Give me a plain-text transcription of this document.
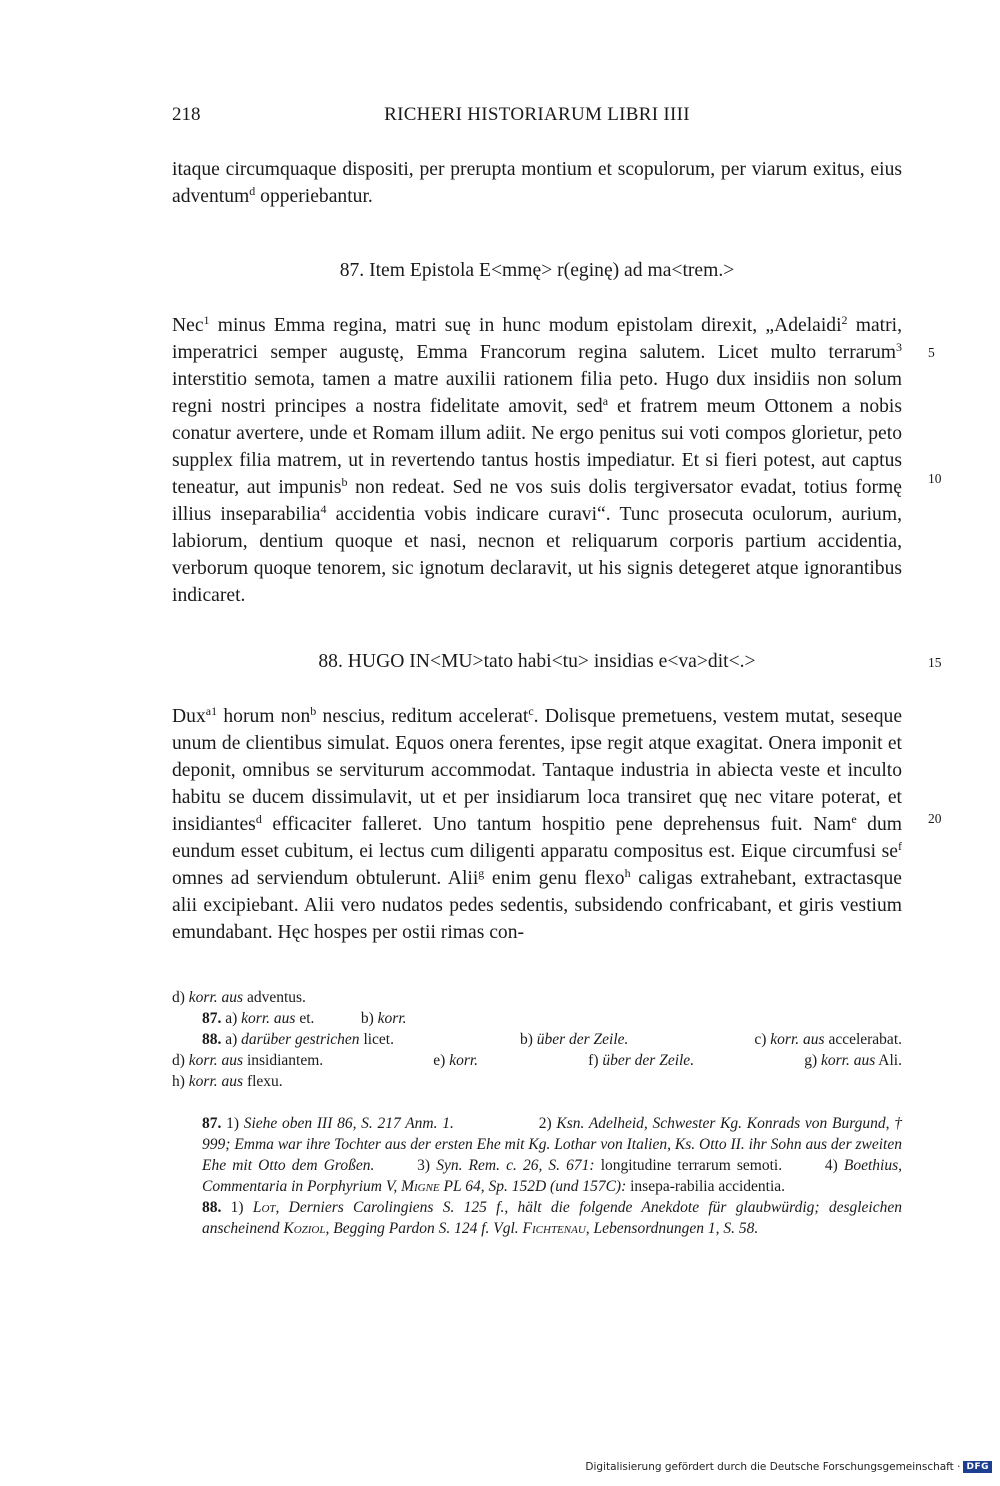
218	RICHERI HISTORIARUM LIBRI IIII

itaque circumquaque dispositi, per prerupta montium et scopulorum, per viarum exitus, eius adventum$^d$ opperiebantur.

87. Item Epistola E<mmę> r(eginę) ad ma<trem.>

Nec$^1$ minus Emma regina, matri suę in hunc modum epistolam direxit, „Adelaidi$^2$ matri, imperatrici semper augustę, Emma Francorum regina salutem. Licet multo terrarum$^3$ interstitio semota, tamen a matre auxilii rationem filia peto. Hugo dux insidiis non solum regni nostri principes a nostra fidelitate amovit, sed$^a$ et fratrem meum Ottonem a nobis conatur avertere, unde et Romam illum adiit. Ne ergo penitus sui voti compos glorietur, peto supplex filia matrem, ut in revertendo tantus hostis impediatur. Et si fieri potest, aut captus teneatur, aut impunis$^b$ non redeat. Sed ne vos suis dolis tergiversator evadat, totius formę illius inseparabilia$^4$ accidentia vobis indicare curavi“. Tunc prosecuta oculorum, aurium, labiorum, dentium quoque et nasi, necnon et reliquarum corporis partium accidentia, verborum quoque tenorem, sic ignotum declaravit, ut his signis detegeret atque ignorantibus indicaret.

88. HUGO IN<MU>tato habi<tu> insidias e<va>dit<.>

Dux$^{a1}$ horum non$^b$ nescius, reditum accelerat$^c$. Dolisque premetuens, vestem mutat, seseque unum de clientibus simulat. Equos onera ferentes, ipse regit atque exagitat. Onera imponit et deponit, omnibus se serviturum accommodat. Tantaque industria in abiecta veste et inculto habitu se ducem dissimulavit, ut et per insidiarum loca transiret quę nec vitare poterat, et insidiantes$^d$ efficaciter falleret. Uno tantum hospitio pene deprehensus fuit. Nam$^e$ dum eundum esset cubitum, ei lectus cum diligenti apparatu compositus est. Eique circumfusi $se^f$ omnes ad serviendum obtulerunt. Alii$^g$ enim genu flexo$^h$ caligas extrahebant, extractasque alii excipiebant. Alii vero nudatos pedes sedentis, subsidendo confricabant, et giris vestium emundabant. Hęc hospes per ostii rimas con-

5
10
15
20
d) korr. aus adventus.
87. a) korr. aus et.            b) korr.
88. a) darüber gestrichen licet.	b) über der Zeile.	c) korr. aus accelerabat.
d) korr. aus insidiantem.	e) korr.	f) über der Zeile.	g) korr. aus Ali.
h) korr. aus flexu.

87. 1) Siehe oben III 86, S. 217 Anm. 1.                  2) Ksn. Adelheid, Schwester Kg. Konrads von Burgund, † 999; Emma war ihre Tochter aus der ersten Ehe mit Kg. Lothar von Italien, Ks. Otto II. ihr Sohn aus der zweiten Ehe mit Otto dem Großen.       3) Syn. Rem. c. 26, S. 671: longitudine terrarum semoti.       4) Boethius, Commentaria in Porphyrium V, Migne PL 64, Sp. 152D (und 157C): insepa-rabilia accidentia.

88. 1) Lot, Derniers Carolingiens S. 125 f., hält die folgende Anekdote für glaubwürdig; desgleichen anscheinend Koziol, Begging Pardon S. 124 f. Vgl. Fichtenau, Lebensordnungen 1, S. 58.

Digitalisierung gefördert durch die Deutsche Forschungsgemeinschaft · DFG
